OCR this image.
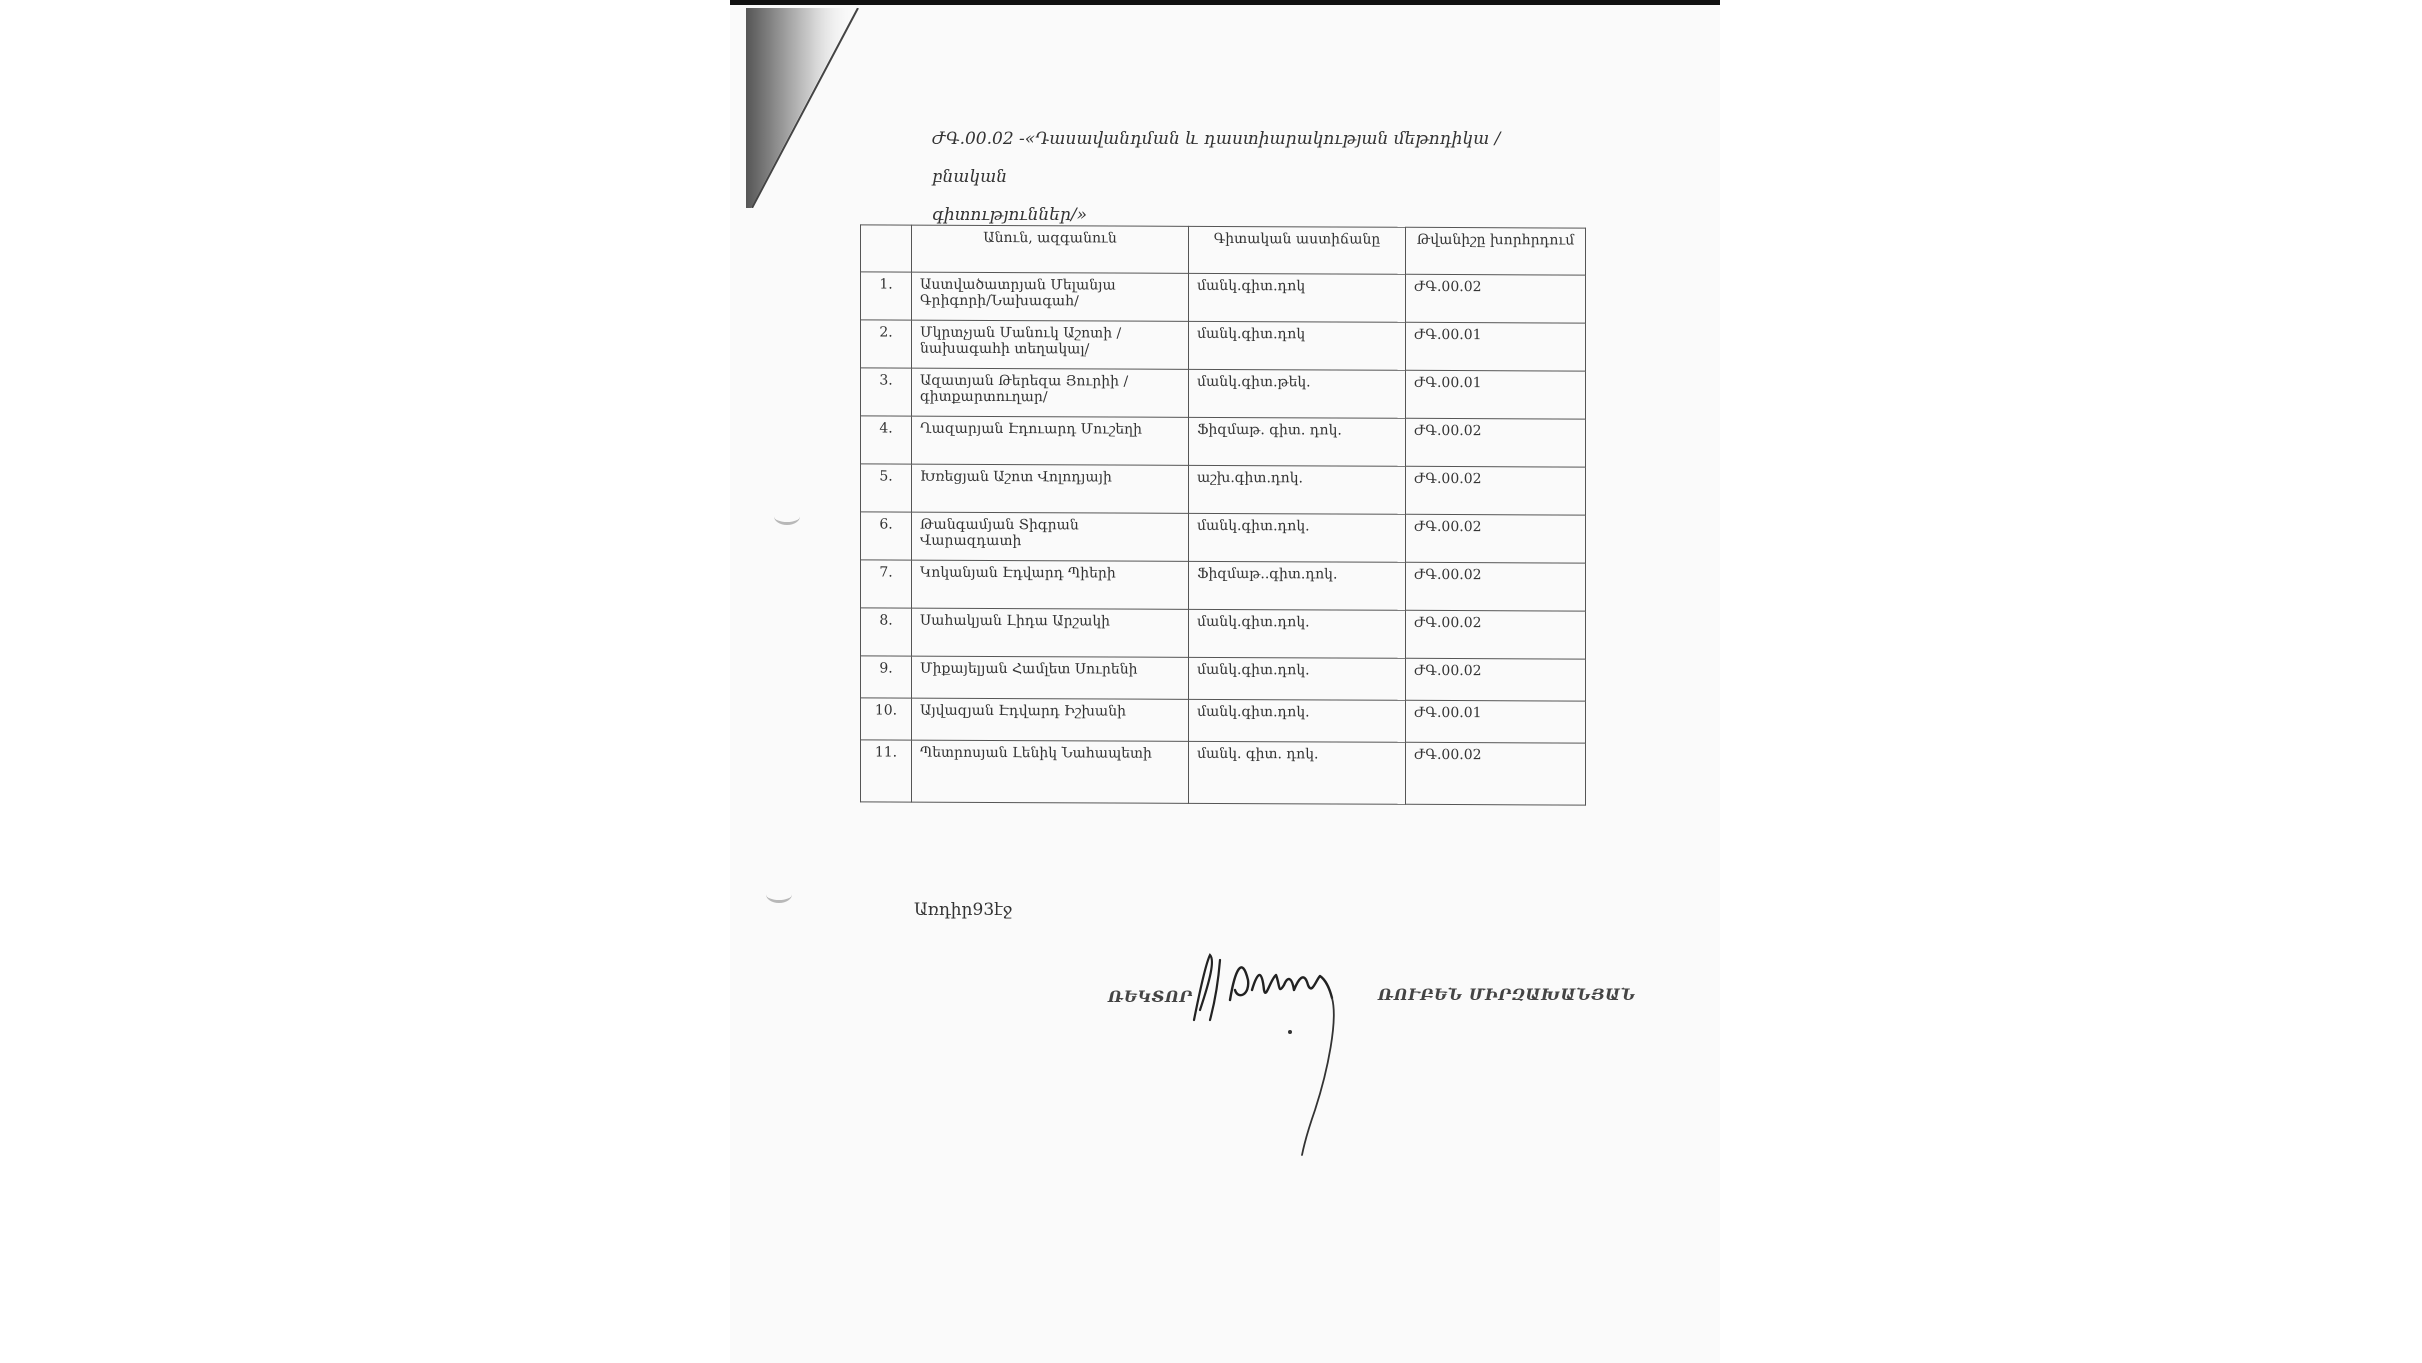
ԺԳ.00.02 -«Դասավանդման և դաստիարակության մեթոդիկա /բնական
գիտություններ/»
	Անուն, ազգանուն	Գիտական աստիճանը	Թվանիշը խորհրդում
1.	Աստվածատրյան Մելանյա Գրիգորի/Նախագահ/	մանկ.գիտ.դոկ	ԺԳ.00.02
2.	Մկրտչյան Մանուկ Աշոտի /նախագահի տեղակալ/	մանկ.գիտ.դոկ	ԺԳ.00.01
3.	Ազատյան Թերեզա Յուրիի /գիտքարտուղար/	մանկ.գիտ.թեկ.	ԺԳ.00.01
4.	Ղազարյան Էդուարդ Մուշեղի	Ֆիզմաթ. գիտ. դոկ.	ԺԳ.00.02
5.	Խռեցյան Աշոտ Վոլոդյայի	աշխ.գիտ.դոկ.	ԺԳ.00.02
6.	Թանգամյան Տիգրան Վարազդատի	մանկ.գիտ.դոկ.	ԺԳ.00.02
7.	Կոկանյան Էդվարդ Պիերի	Ֆիզմաթ..գիտ.դոկ.	ԺԳ.00.02
8.	Սահակյան Լիդա Արշակի	մանկ.գիտ.դոկ.	ԺԳ.00.02
9.	Միքայելյան Համլետ Սուրենի	մանկ.գիտ.դոկ.	ԺԳ.00.02
10.	Այվազյան Էդվարդ Իշխանի	մանկ.գիտ.դոկ.	ԺԳ.00.01
11.	Պետրոսյան Լենիկ Նահապետի	մանկ. գիտ. դոկ.	ԺԳ.00.02
Առդիր93էջ
ՌԵԿՏՈՐ	ՌՈՒԲԵՆ ՄԻՐԶԱԽԱՆՅԱՆ
